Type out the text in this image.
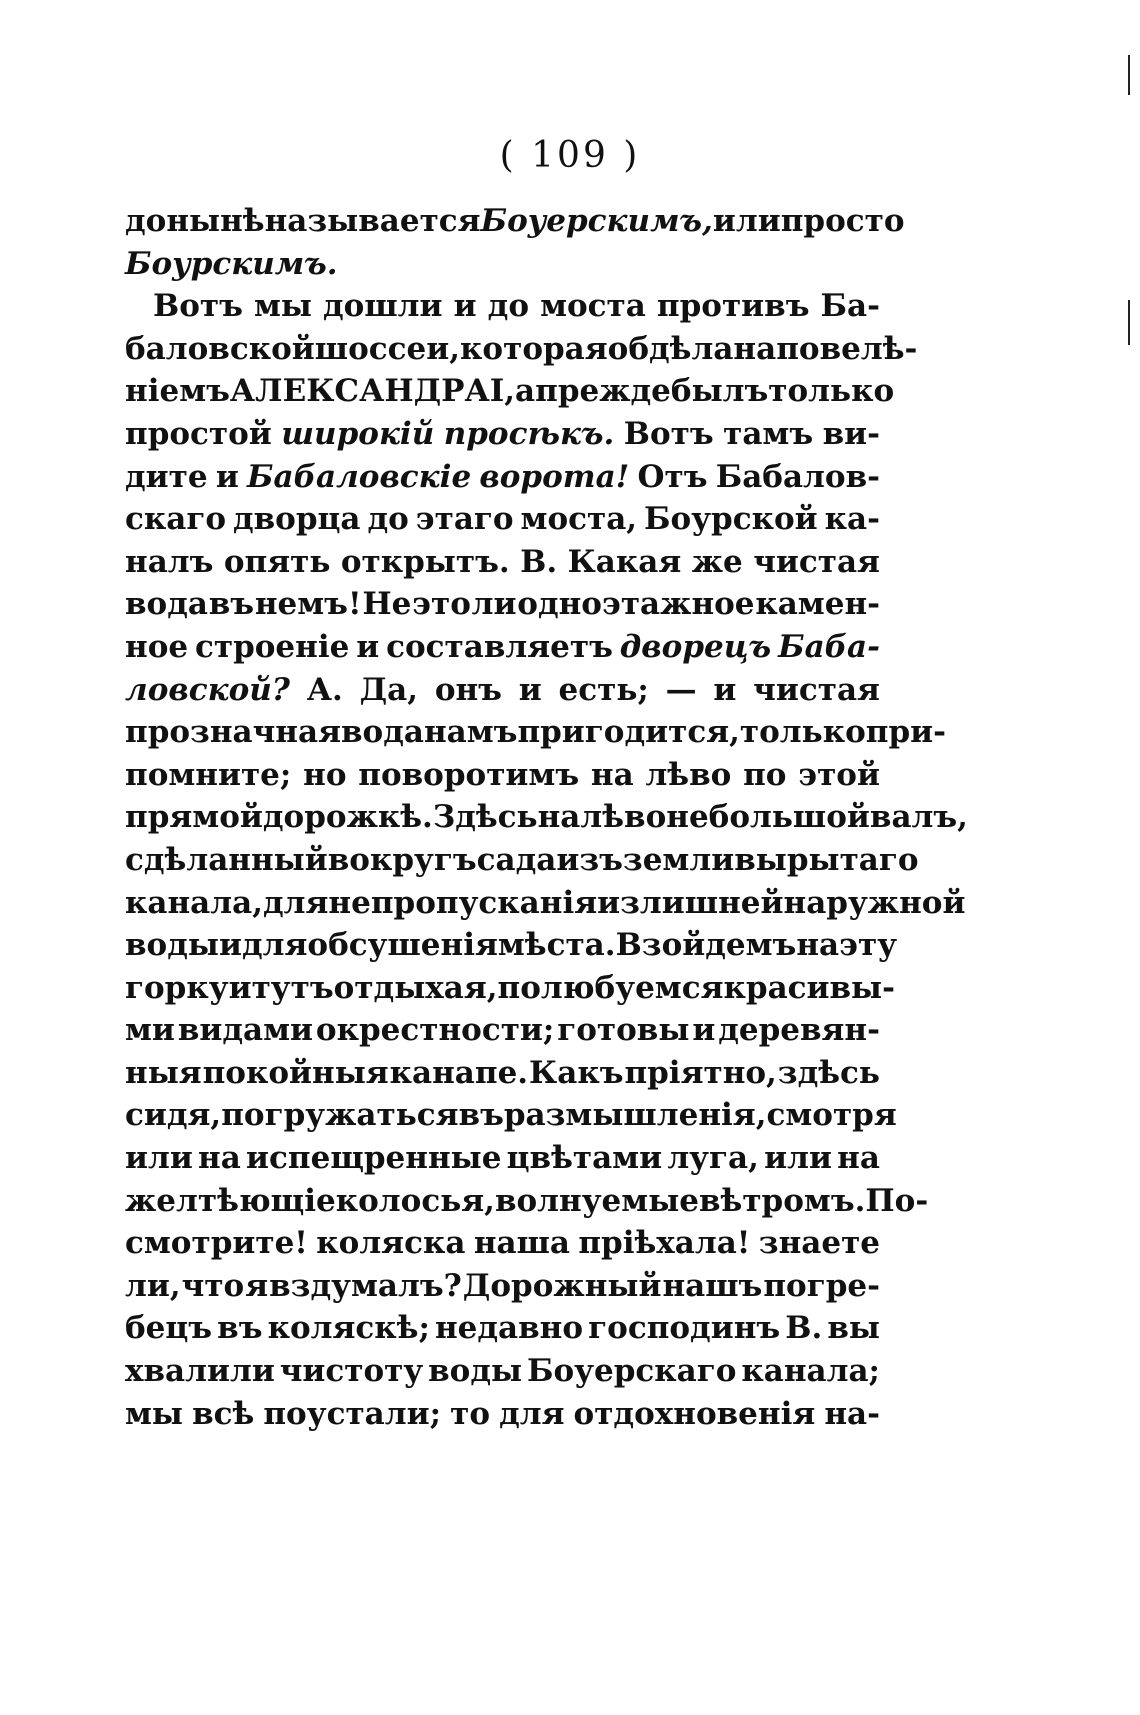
( 109 )
донынѣ называется Боуерскимъ, или просто
Боурскимъ.
Вотъ мы дошли и до моста противъ Ба-
баловской шоссеи, которая обдѣлана повелѣ-
ніемъ АЛЕКСАНДРА I, а прежде былъ только
простой широкій просѣкъ. Вотъ тамъ ви-
дите и Бабаловскіе ворота! Отъ Бабалов-
скаго дворца до этаго моста, Боурской ка-
налъ опять открытъ. В. Какая же чистая
вода въ немъ! Не это ли одноэтажное камен-
ное строеніе и составляетъ дворецъ Баба-
ловской? А. Да, онъ и есть; — и чистая
прозначная вода намъ пригодится, только при-
помните; но поворотимъ на лѣво по этой
прямой дорожкѣ. Здѣсь на лѣво небольшой валъ,
сдѣланный вокругъ сада изъ земли вырытаго
канала, для непропусканія излишней наружной
воды и для обсушенія мѣста. Взойдемъ на эту
горку и тутъ отдыхая, полюбуемся красивы-
ми видами окрестности; готовы и деревян-
ныя покойныя канапе. Какъ пріятно, здѣсь
сидя, погружаться въ размышленія, смотря
или на испещренные цвѣтами луга, или на
желтѣющіе колосья, волнуемые вѣтромъ. По-
смотрите! коляска наша пріѣхала! знаете
ли, что я вздумалъ? Дорожный нашъ погре-
бецъ въ коляскѣ; недавно господинъ В. вы
хвалили чистоту воды Боуерскаго канала;
мы всѣ поустали; то для отдохновенія на-
